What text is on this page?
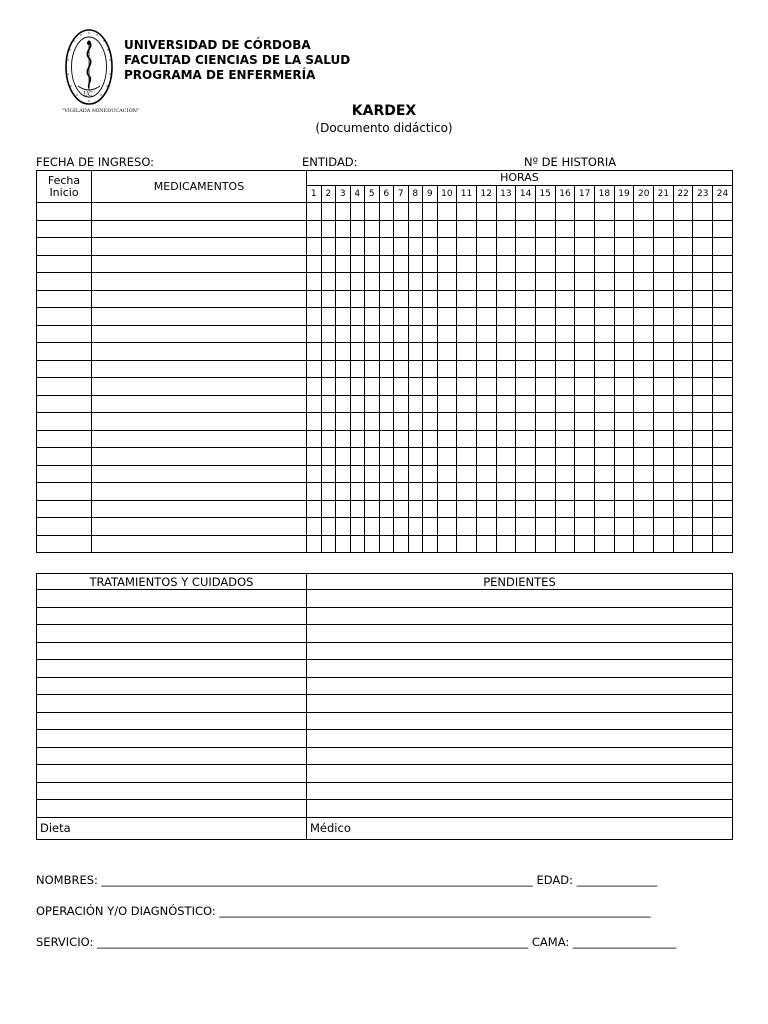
UC
"VIGILADA MINEDUCACIÓN"
UNIVERSIDAD DE CÓRDOBA
FACULTAD CIENCIAS DE LA SALUD
PROGRAMA DE ENFERMERÍA
KARDEX
(Documento didáctico)
FECHA DE INGRESO:	ENTIDAD:	Nº DE HISTORIA
Fecha
Inicio	MEDICAMENTOS	HORAS																							
		1	2	3	4	5	6	7	8	9	10	11	12	13	14	15	16	17	18	19	20	21	22	23	24

TRATAMIENTOS Y CUIDADOS	PENDIENTES

Dieta	Médico
NOMBRES: ___________________________________________________________________________ EDAD: ______________
OPERACIÓN Y/O DIAGNÓSTICO: ___________________________________________________________________________
SERVICIO: ___________________________________________________________________________ CAMA: __________________
